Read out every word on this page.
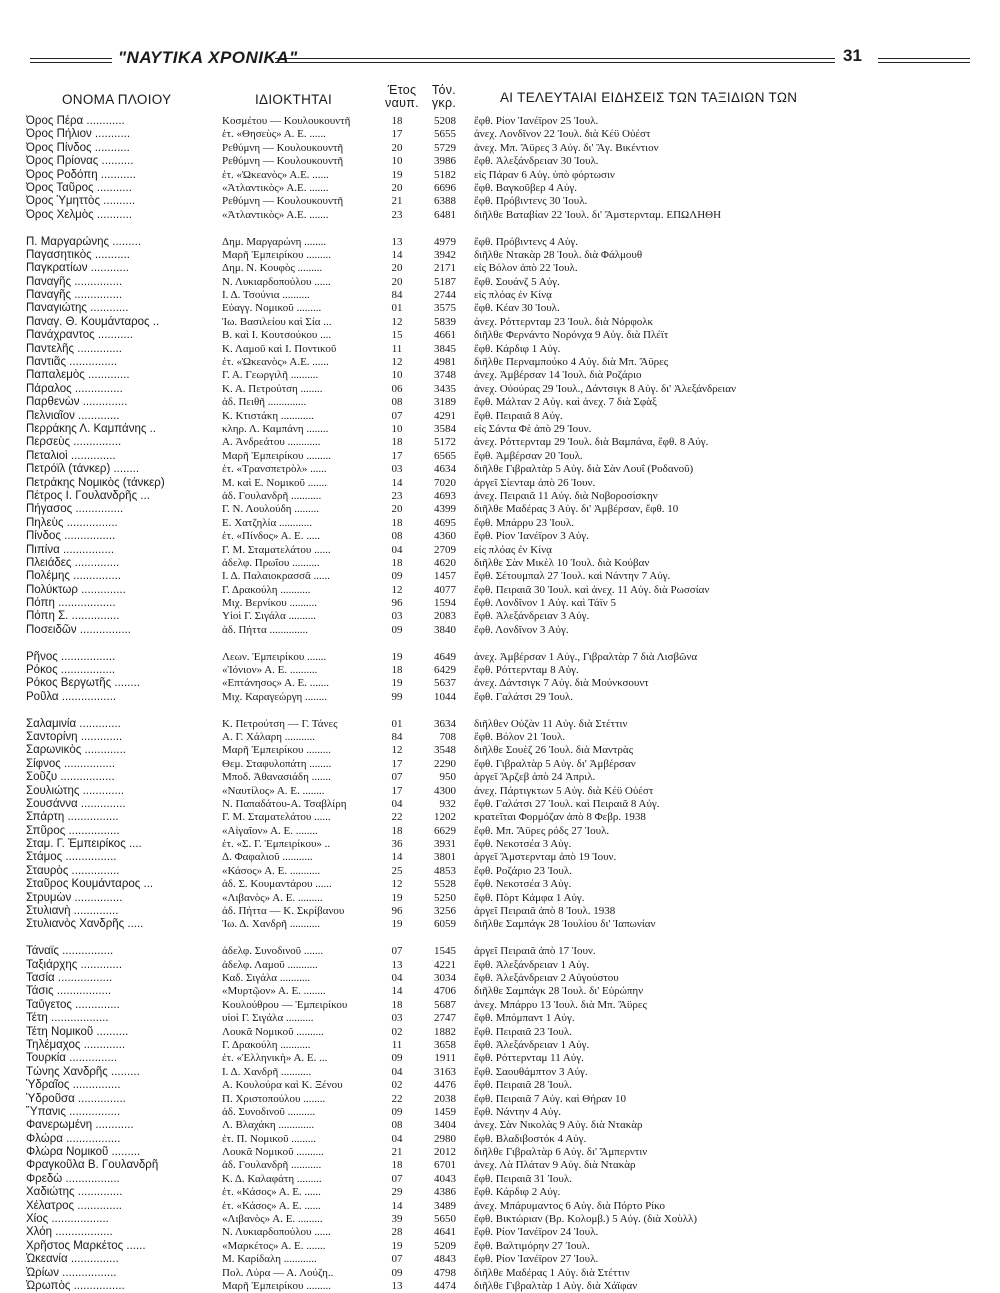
"ΝΑΥΤΙΚΑ ΧΡΟΝΙΚΑ"	31
ΟΝΟΜΑ ΠΛΟΙΟΥ	ΙΔΙΟΚΤΗΤΑΙ
Έτος
ναυπ.
Τόν.
γκρ.	ΑΙ ΤΕΛΕΥΤΑΙΑΙ ΕΙΔΗΣΕΙΣ ΤΩΝ ΤΑΞΙΔΙΩΝ ΤΩΝ
Όρος Πέρα ............	Κοσμέτου — Κουλουκουντῆ	18	5208 ἔφθ. Ρίον Ἰανέϊρον 25 Ἰουλ.
Όρος Πήλιον ...........	ἑτ. «Θησεὺς» Α. Ε. ......	17	5655 ἀνεχ. Λονδῖνον 22 Ἰουλ. διὰ Κέϋ Οὐέστ
Όρος Πίνδος ...........	Ρεθύμνη — Κουλουκουντῆ	20	5729 ἀνεχ. Μπ. Ἄϋρες 3 Αὐγ. δι' Ἅγ. Βικέντιον
Όρος Πρίονας ..........	Ρεθύμνη — Κουλουκουντῆ	10	3986 ἔφθ. Ἀλεξάνδρειαν 30 Ἰουλ.
Όρος Ροδόπη ...........	ἑτ. «Ὠκεανὸς» Α.Ε. ......	19	5182 εἰς Πάραν 6 Αὐγ. ὑπὸ φόρτωσιν
Όρος Ταῦρος ...........	«Ἀτλαντικὸς» Α.Ε. .......	20	6696 ἔφθ. Βαγκοῦβερ 4 Αὐγ.
Όρος Ὑμηττὸς ..........	Ρεθύμνη — Κουλουκουντῆ	21	6388 ἔφθ. Πρόβιντενς 30 Ἰουλ.
Όρος Χελμὸς ...........	«Ἀτλαντικὸς» Α.Ε. .......	23	6481 διῆλθε Βαταβίαν 22 Ἰουλ. δι' Ἄμστερνταμ. ΕΠΩΛΗΘΗ
Π. Μαργαρώνης .........	Δημ. Μαργαρώνη ........	13	4979 ἔφθ. Πρόβιντενς 4 Αὐγ.
Παγασητικὸς ...........	Μαρῆ Ἐμπειρίκου .........	14	3942 διῆλθε Ντακὰρ 28 Ἰουλ. διὰ Φάλμουθ
Παγκρατίων ............	Δημ. Ν. Κουφὸς .........	20	2171 εἰς Βόλον ἀπὸ 22 Ἰουλ.
Παναγῆς ...............	Ν. Λυκιαρδοπούλου ......	20	5187 ἔφθ. Σουάνζ 5 Αὐγ.
Παναγῆς ...............	Ι. Δ. Τσούνια ..........	84	2744 εἰς πλόας ἐν Κίνᾳ
Παναγιώτης ............	Εὐαγγ. Νομικοῦ .........	01	3575 ἔφθ. Κέαν 30 Ἰουλ.
Παναγ. Θ. Κουμάνταρος ..	Ἰω. Βασιλείου καὶ Σία ...	12	5839 ἀνεχ. Ρόττερνταμ 23 Ἰουλ. διὰ Νόρφολκ
Πανάχραντος ...........	Β. καὶ Ι. Κουτσούκου ....	15	4661 διῆλθε Φερνάντο Νορόνχα 9 Αὐγ. διὰ Πλέϊτ
Παντελῆς ..............	Κ. Λαμοῦ καὶ Ι. Ποντικοῦ	11	3845 ἔφθ. Κάρδιφ 1 Αὐγ.
Παντιᾶς ...............	ἑτ. «Ὠκεανὸς» Α.Ε. ......	12	4981 διῆλθε Περναμπούκο 4 Αὐγ. διὰ Μπ. Ἄϋρες
Παπαλεμὸς .............	Γ. Α. Γεωργιλῆ ..........	10	3748 ἀνεχ. Ἀμβέρσαν 14 Ἰουλ. διὰ Ροζάριο
Πάραλος ...............	Κ. Α. Πετρούτση ........	06	3435 ἀνεχ. Οὐούρας 29 Ἰουλ., Δάντσιγκ 8 Αὐγ. δι' Ἀλεξάνδρειαν
Παρθενὼν ..............	ἀδ. Πειθῆ ..............	08	3189 ἔφθ. Μάλταν 2 Αὐγ. καὶ ἀνεχ. 7 διὰ Σφὰξ
Πελνιαῖον .............	Κ. Κτιστάκη ............	07	4291 ἔφθ. Πειραιᾶ 8 Αὐγ.
Περράκης Λ. Καμπάνης ..	κληρ. Λ. Καμπάνη ........	10	3584 εἰς Σάντα Φὲ ἀπὸ 29 Ἰουν.
Περσεὺς ...............	Α. Ἀνδρεάτου ............	18	5172 ἀνεχ. Ρόττερνταμ 29 Ἰουλ. διὰ Βαμπάνα, ἔφθ. 8 Αὐγ.
Πεταλιοὶ ..............	Μαρῆ Ἐμπειρίκου .........	17	6565 ἔφθ. Ἀμβέρσαν 20 Ἰουλ.
Πετρόϊλ (τάνκερ) ........	ἑτ. «Τρανσπετρὸλ» ......	03	4634 διῆλθε Γιβραλτὰρ 5 Αὐγ. διὰ Σὰν Λουΐ (Ροδανοῦ)
Πετράκης Νομικὸς (τάνκερ)	Μ. καὶ Ε. Νομικοῦ .......	14	7020 ἀργεῖ Σίενταμ ἀπὸ 26 Ἰουν.
Πέτρος Ι. Γουλανδρῆς ...	ἀδ. Γουλανδρῆ ...........	23	4693 ἀνεχ. Πειραιᾶ 11 Αὐγ. διὰ Νοβοροσίσκην
Πήγασος ...............	Γ. Ν. Λουλούδη .........	20	4399 διῆλθε Μαδέρας 3 Αὐγ. δι' Ἀμβέρσαν, ἔφθ. 10
Πηλεὺς ................	Ε. Χατζηλία ............	18	4695 ἔφθ. Μπάρρυ 23 Ἰουλ.
Πίνδος ................	ἑτ. «Πίνδος» Α. Ε. .....	08	4360 ἔφθ. Ρίον Ἰανέϊρον 3 Αὐγ.
Πιπίνα ................	Γ. Μ. Σταματελάτου ......	04	2709 εἰς πλόας ἐν Κίνᾳ
Πλειάδες ..............	ἀδελφ. Πρωΐου ..........	18	4620 διῆλθε Σὰν Μικὲλ 10 Ἰουλ. διὰ Κούβαν
Πολέμης ...............	Ι. Δ. Παλαιοκρασσᾶ ......	09	1457 ἔφθ. Σέτουμπαλ 27 Ἰουλ. καὶ Νάντην 7 Αὐγ.
Πολύκτωρ ..............	Γ. Δρακούλη ...........	12	4077 ἔφθ. Πειραιᾶ 30 Ἰουλ. καὶ ἀνεχ. 11 Αὐγ. διὰ Ρωσσίαν
Πόπη ..................	Μιχ. Βερνίκου ..........	96	1594 ἔφθ. Λονδῖνον 1 Αὐγ. καὶ Τάϊν 5
Πόπη Σ. ...............	Υἱοὶ Γ. Σιγάλα ..........	03	2083 ἔφθ. Ἀλεξάνδρειαν 3 Αὐγ.
Ποσειδῶν ................	ἀδ. Πήττα ..............	09	3840 ἔφθ. Λονδῖνον 3 Αὐγ.
Ρῆνος .................	Λεων. Ἐμπειρίκου .......	19	4649 ἀνεχ. Ἀμβέρσαν 1 Αὐγ., Γιβραλτὰρ 7 διὰ Λισβῶνα
Ρόκος .................	«Ἰόνιον» Α. Ε. ..........	18	6429 ἔφθ. Ρόττερνταμ 8 Αὐγ.
Ρόκος Βεργωτῆς ........	«Επτάνησος» Α. Ε. .......	19	5637 ἀνεχ. Δάντσιγκ 7 Αὐγ. διὰ Μούνκσουντ
Ροῦλα .................	Μιχ. Καραγεώργη ........	99	1044 ἔφθ. Γαλάτσι 29 Ἰουλ.
Σαλαμινία .............	Κ. Πετρούτση — Γ. Τάνες	01	3634 διῆλθεν Οὐζὰν 11 Αὐγ. διὰ Στέττιν
Σαντορίνη .............	Α. Γ. Χάλαρη ...........	84	708 ἔφθ. Βόλον 21 Ἰουλ.
Σαρωνικὸς .............	Μαρῆ Ἐμπειρίκου .........	12	3548 διῆλθε Σουὲζ 26 Ἰουλ. διὰ Μαντρὰς
Σίφνος ................	Θεμ. Σταφυλοπάτη ........	17	2290 ἔφθ. Γιβραλτὰρ 5 Αὐγ. δι' Ἀμβέρσαν
Σοῦζυ .................	Μποδ. Ἀθανασιάδη .......	07	950 ἀργεῖ Ἄρζεβ ἀπὸ 24 Ἀπριλ.
Σουλιώτης .............	«Ναυτίλος» Α. Ε. ........	17	4300 ἀνεχ. Πάρτιγκτων 5 Αὐγ. διὰ Κέϋ Οὐέστ
Σουσάννα ..............	Ν. Παπαδάτου-Α. Τσαβλίρη	04	932 ἔφθ. Γαλάτσι 27 Ἰουλ. καὶ Πειραιᾶ 8 Αὐγ.
Σπάρτη ................	Γ. Μ. Σταματελάτου ......	22	1202 κρατεῖται Φορμόζαν ἀπὸ 8 Φεβρ. 1938
Σπῦρος ................	«Αἰγαῖον» Α. Ε. ........	18	6629 ἔφθ. Μπ. Ἄϋρες ρόδς 27 Ἰουλ.
Σταμ. Γ. Ἐμπειρίκος ....	ἑτ. «Σ. Γ. Ἐμπειρίκου» ..	36	3931 ἔφθ. Νεκοτσέα 3 Αὐγ.
Στάμος ................	Δ. Φαφαλιοῦ ...........	14	3801 ἀργεῖ Ἄμστερνταμ ἀπὸ 19 Ἰουν.
Σταυρὸς ...............	«Κάσος» Α. Ε. ...........	25	4853 ἔφθ. Ροζάριο 23 Ἰουλ.
Σταῦρος Κουμάνταρος ...	ἀδ. Σ. Κουμαντάρου ......	12	5528 ἔφθ. Νεκοτσέα 3 Αὐγ.
Στρυμὼν ...............	«Λιβανὸς» Α. Ε. .........	19	5250 ἔφθ. Πὸρτ Κάμφα 1 Αὐγ.
Στυλιανὴ ..............	ἀδ. Πήττα — Κ. Σκρίβανου	96	3256 ἀργεῖ Πειραιᾶ ἀπὸ 8 Ἰουλ. 1938
Στυλιανὸς Χανδρῆς .....	Ἰω. Δ. Χανδρῆ ...........	19	6059 διῆλθε Σαμπάγκ 28 Ἰουλίου δι' Ἰαπωνίαν
Τάναϊς ................	ἀδελφ. Συνοδινοῦ .......	07	1545 ἀργεῖ Πειραιᾶ ἀπὸ 17 Ἰουν.
Ταξιάρχης .............	ἀδελφ. Λαμοῦ ...........	13	4221 ἔφθ. Ἀλεξάνδρειαν 1 Αὐγ.
Τασία .................	Καδ. Σιγάλα ...........	04	3034 ἔφθ. Ἀλεξάνδρειαν 2 Αὐγούστου
Τάσις .................	«Μυρτῷον» Α. Ε. ........	14	4706 διῆλθε Σαμπάγκ 28 Ἰουλ. δι' Εὐρώπην
Ταΰγετος ..............	Κουλούθρου — Ἐμπειρίκου	18	5687 ἀνεχ. Μπάρρυ 13 Ἰουλ. διὰ Μπ. Ἄϋρες
Τέτη ..................	υἱοὶ Γ. Σιγάλα ..........	03	2747 ἔφθ. Μπόμπαντ 1 Αὐγ.
Τέτη Νομικοῦ ..........	Λουκᾶ Νομικοῦ ..........	02	1882 ἔφθ. Πειραιᾶ 23 Ἰουλ.
Τηλέμαχος .............	Γ. Δρακούλη ...........	11	3658 ἔφθ. Ἀλεξάνδρειαν 1 Αὐγ.
Τουρκία ...............	ἑτ. «Ἑλληνικὴ» Α. Ε. ...	09	1911 ἔφθ. Ρόττερνταμ 11 Αὐγ.
Τώνης Χανδρῆς .........	Ι. Δ. Χανδρῆ ...........	04	3163 ἔφθ. Σαουθάμπτον 3 Αὐγ.
Ὑδραῖος ...............	Α. Κουλούρα καὶ Κ. Ξένου	02	4476 ἔφθ. Πειραιᾶ 28 Ἰουλ.
Ὑδροῦσα ...............	Π. Χριστοπούλου ........	22	2038 ἔφθ. Πειραιᾶ 7 Αὐγ. καὶ Θήραν 10
Ὕπανις ................	ἀδ. Συνοδινοῦ ..........	09	1459 ἔφθ. Νάντην 4 Αὐγ.
Φανερωμένη ............	Λ. Βλαχάκη .............	08	3404 ἀνεχ. Σὰν Νικολὰς 9 Αὐγ. διὰ Ντακὰρ
Φλώρα .................	ἑτ. Π. Νομικοῦ .........	04	2980 ἔφθ. Βλαδιβοστόκ 4 Αὐγ.
Φλώρα Νομικοῦ .........	Λουκᾶ Νομικοῦ ..........	21	2012 διῆλθε Γιβραλτὰρ 6 Αὐγ. δι' Ἄμπερντιν
Φραγκοῦλα Β. Γουλανδρῆ	ἀδ. Γουλανδρῆ ...........	18	6701 ἀνεχ. Λὰ Πλάταν 9 Αὐγ. διὰ Ντακὰρ
Φρεδὼ .................	Κ. Δ. Καλαφάτη .........	07	4043 ἔφθ. Πειραιᾶ 31 Ἰουλ.
Χαδιώτης ..............	ἑτ. «Κάσος» Α. Ε. ......	29	4386 ἔφθ. Κάρδιφ 2 Αὐγ.
Χέλατρος ..............	ἑτ. «Κάσος» Α. Ε. ......	14	3489 ἀνεχ. Μπάρυμαντος 6 Αὐγ. διὰ Πόρτο Ρίκο
Χίος ..................	«Λιβανὸς» Α. Ε. .........	39	5650 ἔφθ. Βικτώριαν (Βρ. Κολομβ.) 5 Αὐγ. (διὰ Χοὺλλ)
Χλόη ..................	Ν. Λυκιαρδοπούλου ......	28	4641 ἔφθ. Ρίον Ἰανέϊρον 24 Ἰουλ.
Χρῆστος Μαρκέτος ......	«Μαρκέτος» Α. Ε. .......	19	5209 ἔφθ. Βαλτιμόρην 27 Ἰουλ.
Ὠκεανία ...............	Μ. Καρίδαλη ............	07	4843 ἔφθ. Ρίον Ἰανέϊρον 27 Ἰουλ.
Ὠρίων .................	Πολ. Λύρα — Α. Λούζη..	09	4798 διῆλθε Μαδέρας 1 Αὐγ. διὰ Στέττιν
Ὠρωπὸς ................	Μαρῆ Ἐμπειρίκου .........	13	4474 διῆλθε Γιβραλτὰρ 1 Αὐγ. διὰ Χάϊφαν
